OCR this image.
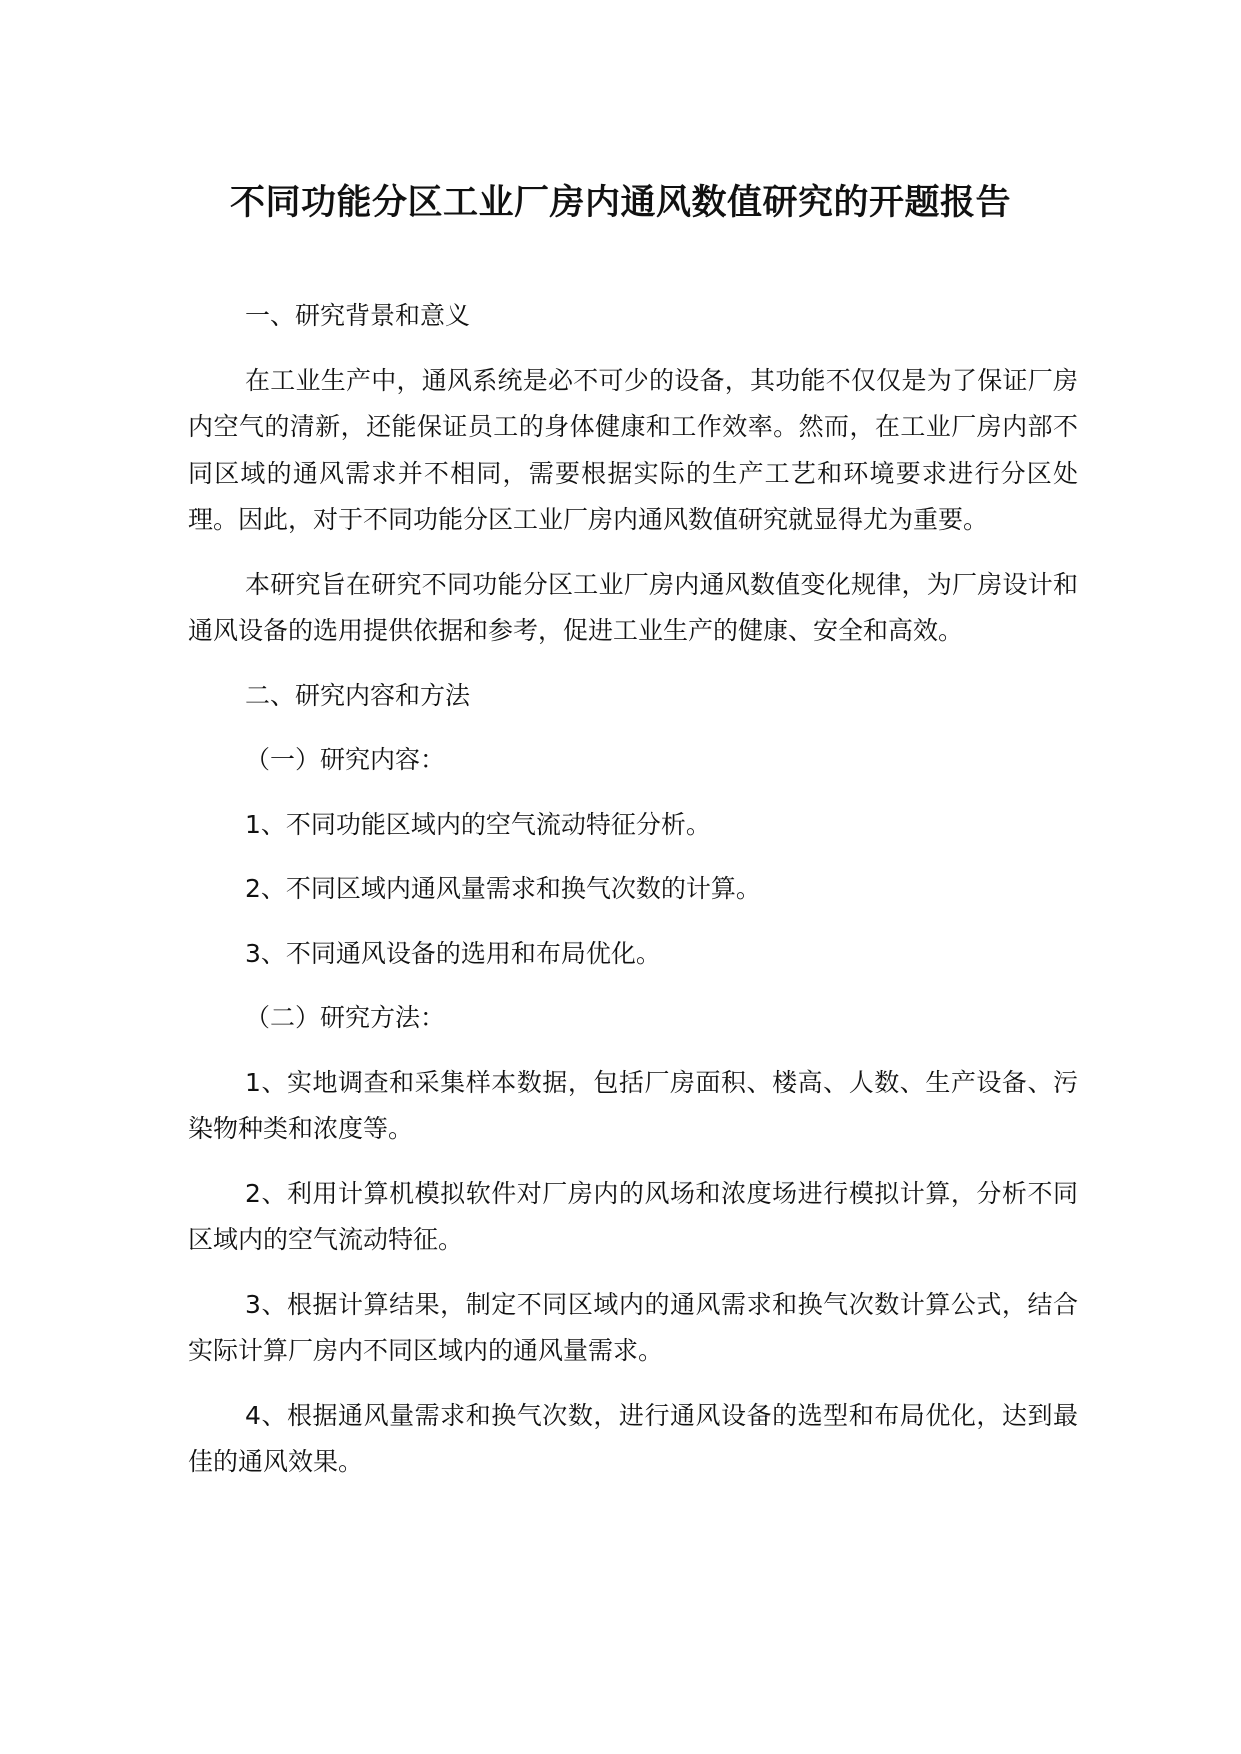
不同功能分区工业厂房内通风数值研究的开题报告

一、研究背景和意义

在工业生产中，通风系统是必不可少的设备，其功能不仅仅是为了保证厂房内空气的清新，还能保证员工的身体健康和工作效率。然而，在工业厂房内部不同区域的通风需求并不相同，需要根据实际的生产工艺和环境要求进行分区处理。因此，对于不同功能分区工业厂房内通风数值研究就显得尤为重要。

本研究旨在研究不同功能分区工业厂房内通风数值变化规律，为厂房设计和通风设备的选用提供依据和参考，促进工业生产的健康、安全和高效。

二、研究内容和方法

（一）研究内容：

1、不同功能区域内的空气流动特征分析。

2、不同区域内通风量需求和换气次数的计算。

3、不同通风设备的选用和布局优化。

（二）研究方法：

1、实地调查和采集样本数据，包括厂房面积、楼高、人数、生产设备、污染物种类和浓度等。

2、利用计算机模拟软件对厂房内的风场和浓度场进行模拟计算，分析不同区域内的空气流动特征。

3、根据计算结果，制定不同区域内的通风需求和换气次数计算公式，结合实际计算厂房内不同区域内的通风量需求。

4、根据通风量需求和换气次数，进行通风设备的选型和布局优化，达到最佳的通风效果。
